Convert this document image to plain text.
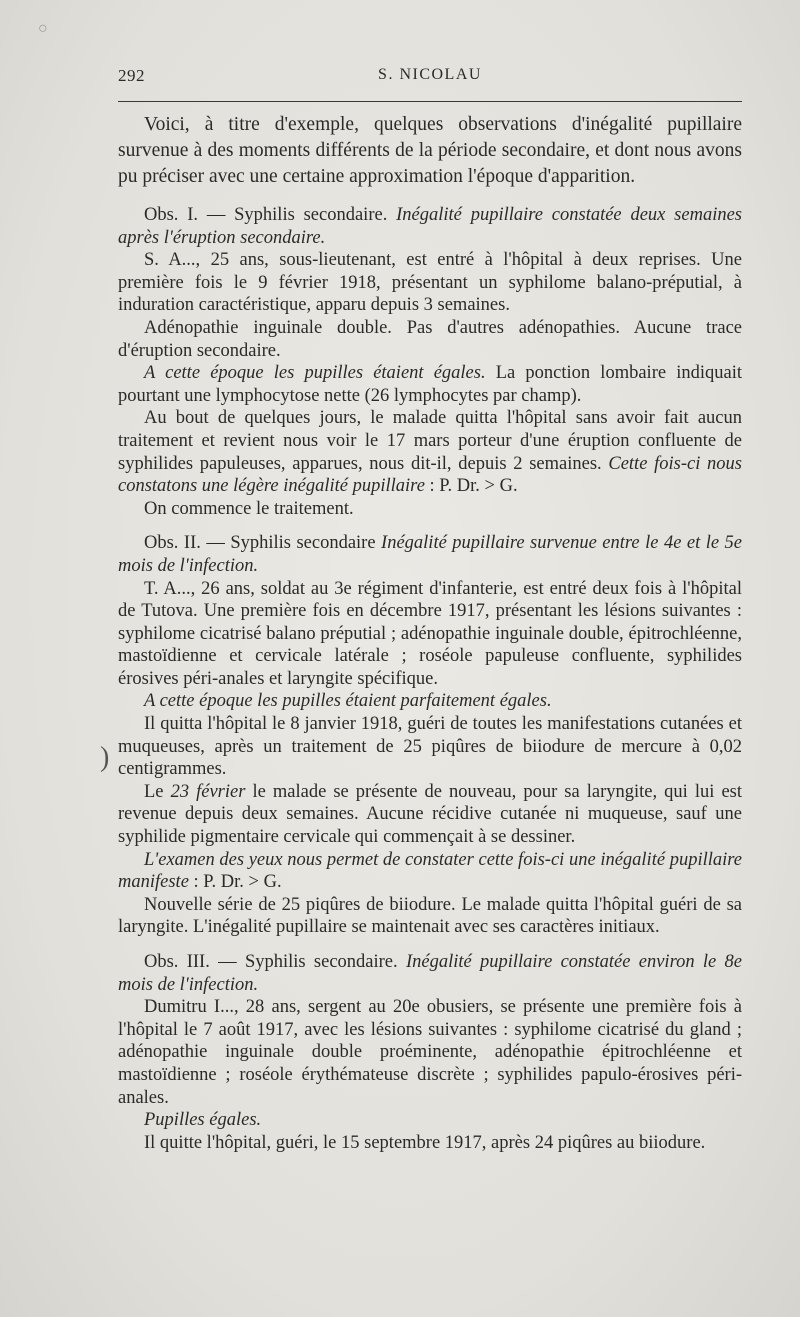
○
292	S. NICOLAU
)

Voici, à titre d'exemple, quelques observations d'inégalité pupillaire survenue à des moments différents de la période secondaire, et dont nous avons pu préciser avec une certaine approximation l'époque d'apparition.

Obs. I. — Syphilis secondaire. Inégalité pupillaire constatée deux semaines après l'éruption secondaire.

S. A..., 25 ans, sous-lieutenant, est entré à l'hôpital à deux reprises. Une première fois le 9 février 1918, présentant un syphilome balano-préputial, à induration caractéristique, apparu depuis 3 semaines.

Adénopathie inguinale double. Pas d'autres adénopathies. Aucune trace d'éruption secondaire.

A cette époque les pupilles étaient égales. La ponction lombaire indiquait pourtant une lymphocytose nette (26 lymphocytes par champ).

Au bout de quelques jours, le malade quitta l'hôpital sans avoir fait aucun traitement et revient nous voir le 17 mars porteur d'une éruption confluente de syphilides papuleuses, apparues, nous dit-il, depuis 2 semaines. Cette fois-ci nous constatons une légère inégalité pupillaire : P. Dr. > G.

On commence le traitement.

Obs. II. — Syphilis secondaire Inégalité pupillaire survenue entre le 4e et le 5e mois de l'infection.

T. A..., 26 ans, soldat au 3e régiment d'infanterie, est entré deux fois à l'hôpital de Tutova. Une première fois en décembre 1917, présentant les lésions suivantes : syphilome cicatrisé balano préputial ; adénopathie inguinale double, épitrochléenne, mastoïdienne et cervicale latérale ; roséole papuleuse confluente, syphilides érosives péri-anales et laryngite spécifique.

A cette époque les pupilles étaient parfaitement égales.

Il quitta l'hôpital le 8 janvier 1918, guéri de toutes les manifestations cutanées et muqueuses, après un traitement de 25 piqûres de biiodure de mercure à 0,02 centigrammes.

Le 23 février le malade se présente de nouveau, pour sa laryngite, qui lui est revenue depuis deux semaines. Aucune récidive cutanée ni muqueuse, sauf une syphilide pigmentaire cervicale qui commençait à se dessiner.

L'examen des yeux nous permet de constater cette fois-ci une inégalité pupillaire manifeste : P. Dr. > G.

Nouvelle série de 25 piqûres de biiodure. Le malade quitta l'hôpital guéri de sa laryngite. L'inégalité pupillaire se maintenait avec ses caractères initiaux.

Obs. III. — Syphilis secondaire. Inégalité pupillaire constatée environ le 8e mois de l'infection.

Dumitru I..., 28 ans, sergent au 20e obusiers, se présente une première fois à l'hôpital le 7 août 1917, avec les lésions suivantes : syphilome cicatrisé du gland ; adénopathie inguinale double proéminente, adénopathie épitrochléenne et mastoïdienne ; roséole érythémateuse discrète ; syphilides papulo-érosives péri-anales.

Pupilles égales.

Il quitte l'hôpital, guéri, le 15 septembre 1917, après 24 piqûres au biiodure.
